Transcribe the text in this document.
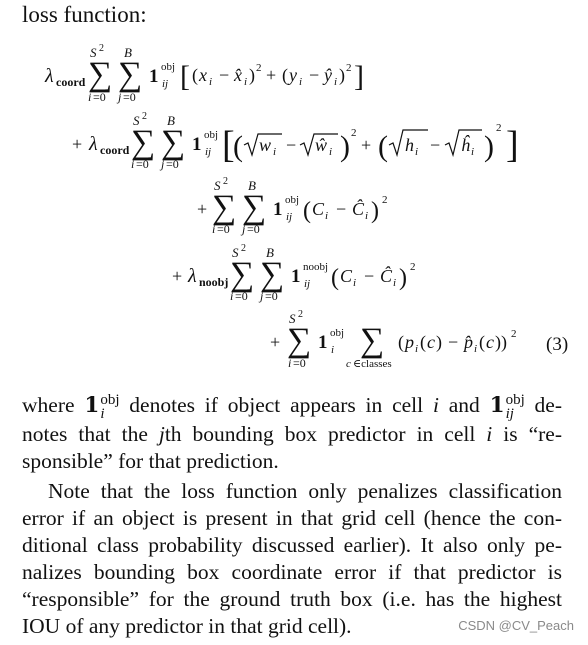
loss function:
λ coord ∑ ∑
S 2 B
i =0 j =0
1 obj
ij [ ( x i − x̂ i ) 2 + ( y i − ŷ i ) 2 ]
+ λ coord ∑ ∑
S 2 B
i =0 j =0
1 obj
ij [
( w i − ŵ i ) 2
+ ( h i − ĥ i )
2 ]
+ ∑ ∑
S 2 B
i =0 j =0
1 obj
ij ( C i − Ĉ i ) 2
+ λ noobj ∑ ∑
S 2 B
i =0 j =0
1 noobj
ij ( C i − Ĉ i ) 2
+ ∑
S 2
i =0
1 obj
i ∑
c ∈classes
( p i ( c ) − p̂ i ( c )) 2 (3)
where 1 obj
i	denotes if object appears in cell i and 1 obj
ij de-
notes that the jth bounding box predictor in cell i is “re-
sponsible” for that prediction.
Note that the loss function only penalizes classification
error if an object is present in that grid cell (hence the con-
ditional class probability discussed earlier). It also only pe-
nalizes bounding box coordinate error if that predictor is
“responsible” for the ground truth box (i.e. has the highest
IOU of any predictor in that grid cell).	CSDN @CV_Peach
